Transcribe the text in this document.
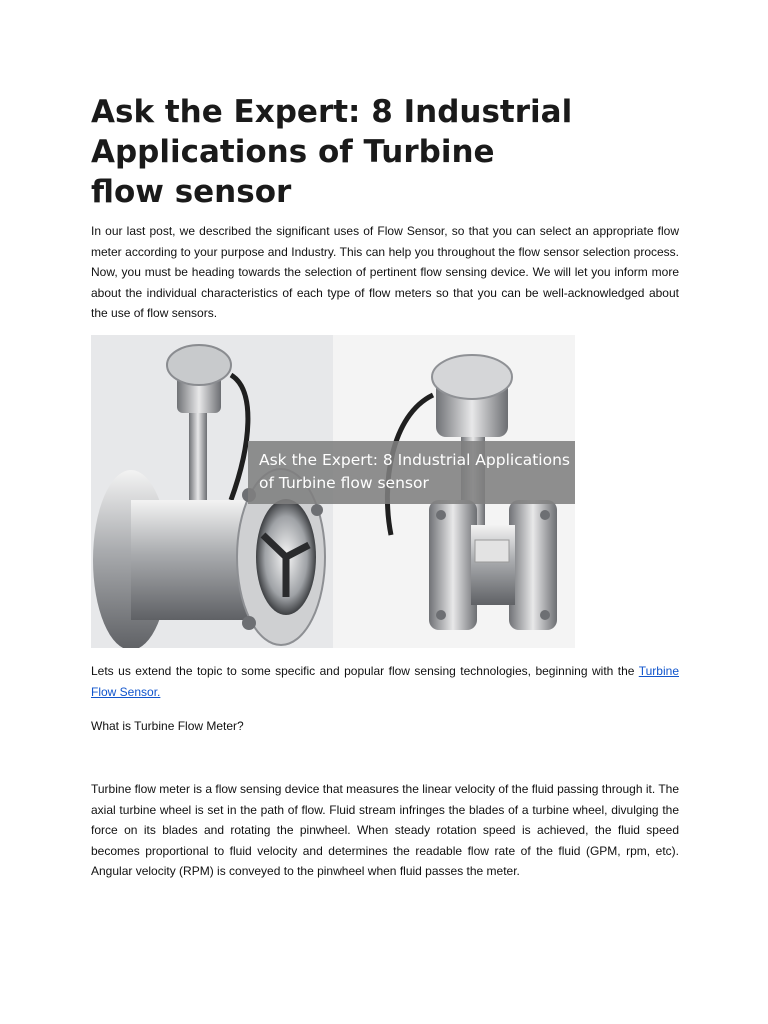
Ask the Expert: 8 Industrial
Applications of Turbine
flow sensor

In our last post, we described the significant uses of Flow Sensor, so that you can select an appropriate flow meter according to your purpose and Industry. This can help you throughout the flow sensor selection process. Now, you must be heading towards the selection of pertinent flow sensing device. We will let you inform more about the individual characteristics of each type of flow meters so that you can be well-acknowledged about the use of flow sensors.

Ask the Expert: 8 Industrial Applications
of Turbine flow sensor

Lets us extend the topic to some specific and popular flow sensing technologies, beginning with the Turbine Flow Sensor.

What is Turbine Flow Meter?

Turbine flow meter is a flow sensing device that measures the linear velocity of the fluid passing through it. The axial turbine wheel is set in the path of flow. Fluid stream infringes the blades of a turbine wheel, divulging the force on its blades and rotating the pinwheel. When steady rotation speed is achieved, the fluid speed becomes proportional to fluid velocity and determines the readable flow rate of the fluid (GPM, rpm, etc). Angular velocity (RPM) is conveyed to the pinwheel when fluid passes the meter.
